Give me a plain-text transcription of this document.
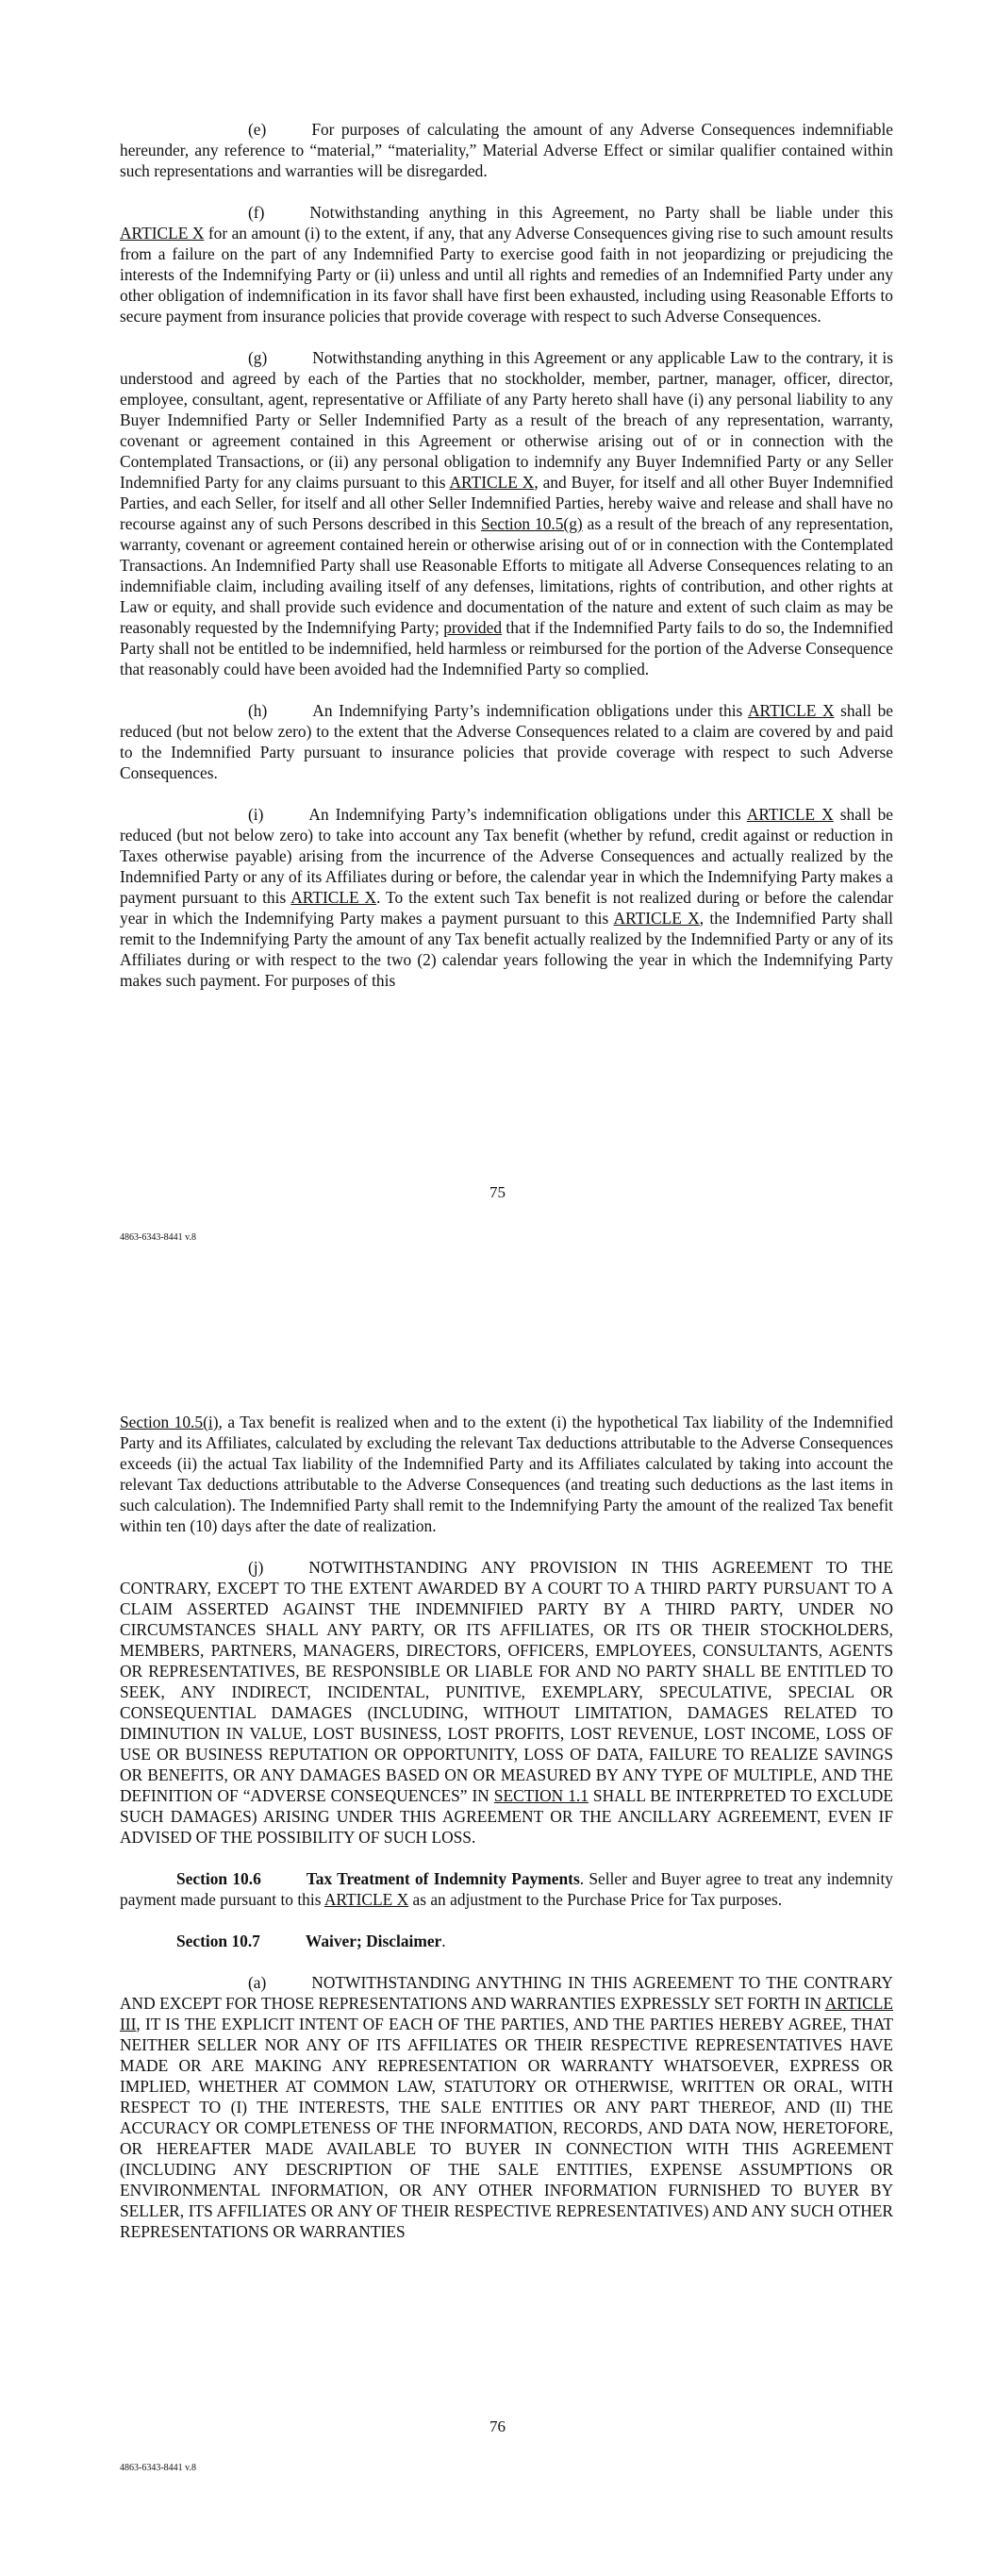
(e)	For purposes of calculating the amount of any Adverse Consequences indemnifiable hereunder, any reference to “material,” “materiality,” Material Adverse Effect or similar qualifier contained within such representations and warranties will be disregarded.

(f)	Notwithstanding anything in this Agreement, no Party shall be liable under this ARTICLE X for an amount (i) to the extent, if any, that any Adverse Consequences giving rise to such amount results from a failure on the part of any Indemnified Party to exercise good faith in not jeopardizing or prejudicing the interests of the Indemnifying Party or (ii) unless and until all rights and remedies of an Indemnified Party under any other obligation of indemnification in its favor shall have first been exhausted, including using Reasonable Efforts to secure payment from insurance policies that provide coverage with respect to such Adverse Consequences.

(g)	Notwithstanding anything in this Agreement or any applicable Law to the contrary, it is understood and agreed by each of the Parties that no stockholder, member, partner, manager, officer, director, employee, consultant, agent, representative or Affiliate of any Party hereto shall have (i) any personal liability to any Buyer Indemnified Party or Seller Indemnified Party as a result of the breach of any representation, warranty, covenant or agreement contained in this Agreement or otherwise arising out of or in connection with the Contemplated Transactions, or (ii) any personal obligation to indemnify any Buyer Indemnified Party or any Seller Indemnified Party for any claims pursuant to this ARTICLE X, and Buyer, for itself and all other Buyer Indemnified Parties, and each Seller, for itself and all other Seller Indemnified Parties, hereby waive and release and shall have no recourse against any of such Persons described in this Section 10.5(g) as a result of the breach of any representation, warranty, covenant or agreement contained herein or otherwise arising out of or in connection with the Contemplated Transactions. An Indemnified Party shall use Reasonable Efforts to mitigate all Adverse Consequences relating to an indemnifiable claim, including availing itself of any defenses, limitations, rights of contribution, and other rights at Law or equity, and shall provide such evidence and documentation of the nature and extent of such claim as may be reasonably requested by the Indemnifying Party; provided that if the Indemnified Party fails to do so, the Indemnified Party shall not be entitled to be indemnified, held harmless or reimbursed for the portion of the Adverse Consequence that reasonably could have been avoided had the Indemnified Party so complied.

(h)	An Indemnifying Party’s indemnification obligations under this ARTICLE X shall be reduced (but not below zero) to the extent that the Adverse Consequences related to a claim are covered by and paid to the Indemnified Party pursuant to insurance policies that provide coverage with respect to such Adverse Consequences.

(i)	An Indemnifying Party’s indemnification obligations under this ARTICLE X shall be reduced (but not below zero) to take into account any Tax benefit (whether by refund, credit against or reduction in Taxes otherwise payable) arising from the incurrence of the Adverse Consequences and actually realized by the Indemnified Party or any of its Affiliates during or before, the calendar year in which the Indemnifying Party makes a payment pursuant to this ARTICLE X. To the extent such Tax benefit is not realized during or before the calendar year in which the Indemnifying Party makes a payment pursuant to this ARTICLE X, the Indemnified Party shall remit to the Indemnifying Party the amount of any Tax benefit actually realized by the Indemnified Party or any of its Affiliates during or with respect to the two (2) calendar years following the year in which the Indemnifying Party makes such payment. For purposes of this

75
4863-6343-8441 v.8

Section 10.5(i), a Tax benefit is realized when and to the extent (i) the hypothetical Tax liability of the Indemnified Party and its Affiliates, calculated by excluding the relevant Tax deductions attributable to the Adverse Consequences exceeds (ii) the actual Tax liability of the Indemnified Party and its Affiliates calculated by taking into account the relevant Tax deductions attributable to the Adverse Consequences (and treating such deductions as the last items in such calculation). The Indemnified Party shall remit to the Indemnifying Party the amount of the realized Tax benefit within ten (10) days after the date of realization.

(j)	NOTWITHSTANDING ANY PROVISION IN THIS AGREEMENT TO THE CONTRARY, EXCEPT TO THE EXTENT AWARDED BY A COURT TO A THIRD PARTY PURSUANT TO A CLAIM ASSERTED AGAINST THE INDEMNIFIED PARTY BY A THIRD PARTY, UNDER NO CIRCUMSTANCES SHALL ANY PARTY, OR ITS AFFILIATES, OR ITS OR THEIR STOCKHOLDERS, MEMBERS, PARTNERS, MANAGERS, DIRECTORS, OFFICERS, EMPLOYEES, CONSULTANTS, AGENTS OR REPRESENTATIVES, BE RESPONSIBLE OR LIABLE FOR AND NO PARTY SHALL BE ENTITLED TO SEEK, ANY INDIRECT, INCIDENTAL, PUNITIVE, EXEMPLARY, SPECULATIVE, SPECIAL OR CONSEQUENTIAL DAMAGES (INCLUDING, WITHOUT LIMITATION, DAMAGES RELATED TO DIMINUTION IN VALUE, LOST BUSINESS, LOST PROFITS, LOST REVENUE, LOST INCOME, LOSS OF USE OR BUSINESS REPUTATION OR OPPORTUNITY, LOSS OF DATA, FAILURE TO REALIZE SAVINGS OR BENEFITS, OR ANY DAMAGES BASED ON OR MEASURED BY ANY TYPE OF MULTIPLE, AND THE DEFINITION OF “ADVERSE CONSEQUENCES” IN SECTION 1.1 SHALL BE INTERPRETED TO EXCLUDE SUCH DAMAGES) ARISING UNDER THIS AGREEMENT OR THE ANCILLARY AGREEMENT, EVEN IF ADVISED OF THE POSSIBILITY OF SUCH LOSS.

Section 10.6	Tax Treatment of Indemnity Payments. Seller and Buyer agree to treat any indemnity payment made pursuant to this ARTICLE X as an adjustment to the Purchase Price for Tax purposes.

Section 10.7	Waiver; Disclaimer.

(a)	NOTWITHSTANDING ANYTHING IN THIS AGREEMENT TO THE CONTRARY AND EXCEPT FOR THOSE REPRESENTATIONS AND WARRANTIES EXPRESSLY SET FORTH IN ARTICLE III, IT IS THE EXPLICIT INTENT OF EACH OF THE PARTIES, AND THE PARTIES HEREBY AGREE, THAT NEITHER SELLER NOR ANY OF ITS AFFILIATES OR THEIR RESPECTIVE REPRESENTATIVES HAVE MADE OR ARE MAKING ANY REPRESENTATION OR WARRANTY WHATSOEVER, EXPRESS OR IMPLIED, WHETHER AT COMMON LAW, STATUTORY OR OTHERWISE, WRITTEN OR ORAL, WITH RESPECT TO (I) THE INTERESTS, THE SALE ENTITIES OR ANY PART THEREOF, AND (II) THE ACCURACY OR COMPLETENESS OF THE INFORMATION, RECORDS, AND DATA NOW, HERETOFORE, OR HEREAFTER MADE AVAILABLE TO BUYER IN CONNECTION WITH THIS AGREEMENT (INCLUDING ANY DESCRIPTION OF THE SALE ENTITIES, EXPENSE ASSUMPTIONS OR ENVIRONMENTAL INFORMATION, OR ANY OTHER INFORMATION FURNISHED TO BUYER BY SELLER, ITS AFFILIATES OR ANY OF THEIR RESPECTIVE REPRESENTATIVES) AND ANY SUCH OTHER REPRESENTATIONS OR WARRANTIES

76
4863-6343-8441 v.8
